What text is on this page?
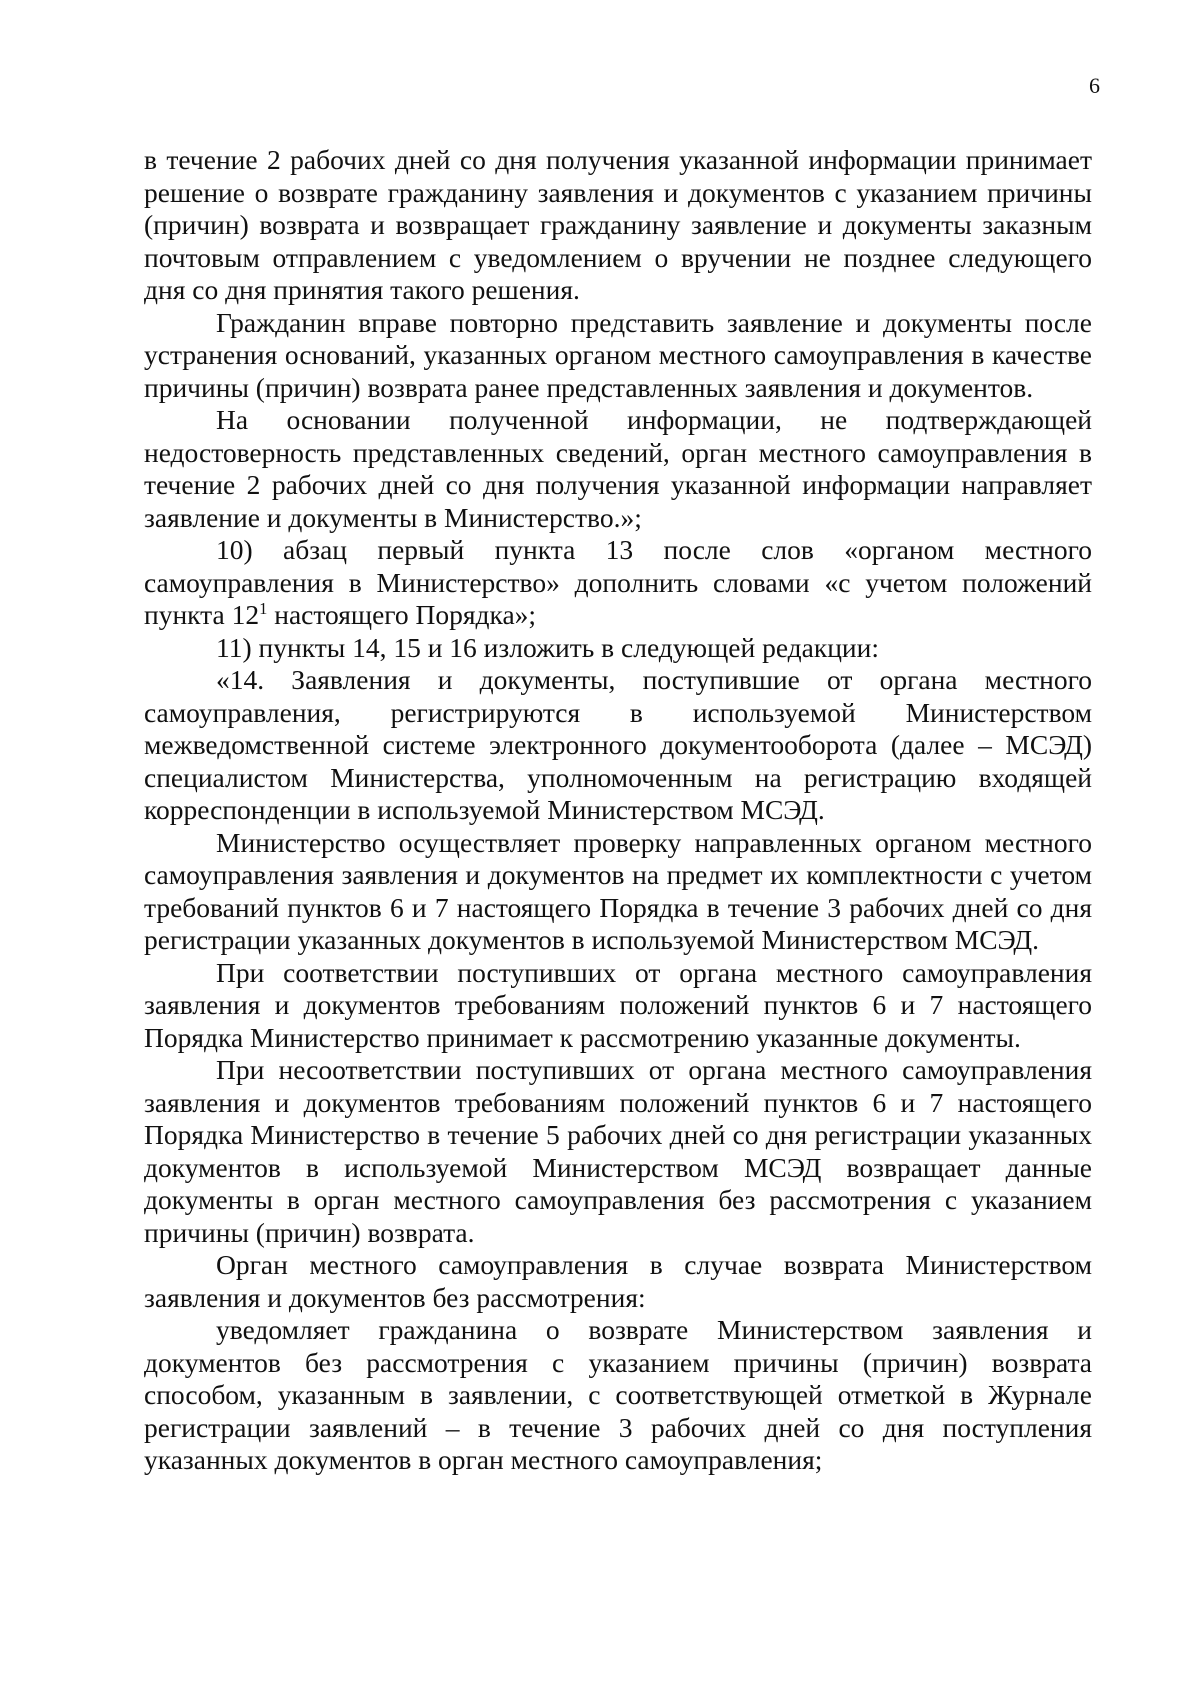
6

в течение 2 рабочих дней со дня получения указанной информации принимает решение о возврате гражданину заявления и документов с указанием причины (причин) возврата и возвращает гражданину заявление и документы заказным почтовым отправлением с уведомлением о вручении не позднее следующего дня со дня принятия такого решения.

Гражданин вправе повторно представить заявление и документы после устранения оснований, указанных органом местного самоуправления в качестве причины (причин) возврата ранее представленных заявления и документов.

На основании полученной информации, не подтверждающей недостоверность представленных сведений, орган местного самоуправления в течение 2 рабочих дней со дня получения указанной информации направляет заявление и документы в Министерство.»;

10) абзац первый пункта 13 после слов «органом местного самоуправления в Министерство» дополнить словами «с учетом положений пункта $12^1$ настоящего Порядка»;

11) пункты 14, 15 и 16 изложить в следующей редакции:

«14. Заявления и документы, поступившие от органа местного самоуправления, регистрируются в используемой Министерством межведомственной системе электронного документооборота (далее – МСЭД) специалистом Министерства, уполномоченным на регистрацию входящей корреспонденции в используемой Министерством МСЭД.

Министерство осуществляет проверку направленных органом местного самоуправления заявления и документов на предмет их комплектности с учетом требований пунктов 6 и 7 настоящего Порядка в течение 3 рабочих дней со дня регистрации указанных документов в используемой Министерством МСЭД.

При соответствии поступивших от органа местного самоуправления заявления и документов требованиям положений пунктов 6 и 7 настоящего Порядка Министерство принимает к рассмотрению указанные документы.

При несоответствии поступивших от органа местного самоуправления заявления и документов требованиям положений пунктов 6 и 7 настоящего Порядка Министерство в течение 5 рабочих дней со дня регистрации указанных документов в используемой Министерством МСЭД возвращает данные документы в орган местного самоуправления без рассмотрения с указанием причины (причин) возврата.

Орган местного самоуправления в случае возврата Министерством заявления и документов без рассмотрения:

уведомляет гражданина о возврате Министерством заявления и документов без рассмотрения с указанием причины (причин) возврата способом, указанным в заявлении, с соответствующей отметкой в Журнале регистрации заявлений – в течение 3 рабочих дней со дня поступления указанных документов в орган местного самоуправления;
